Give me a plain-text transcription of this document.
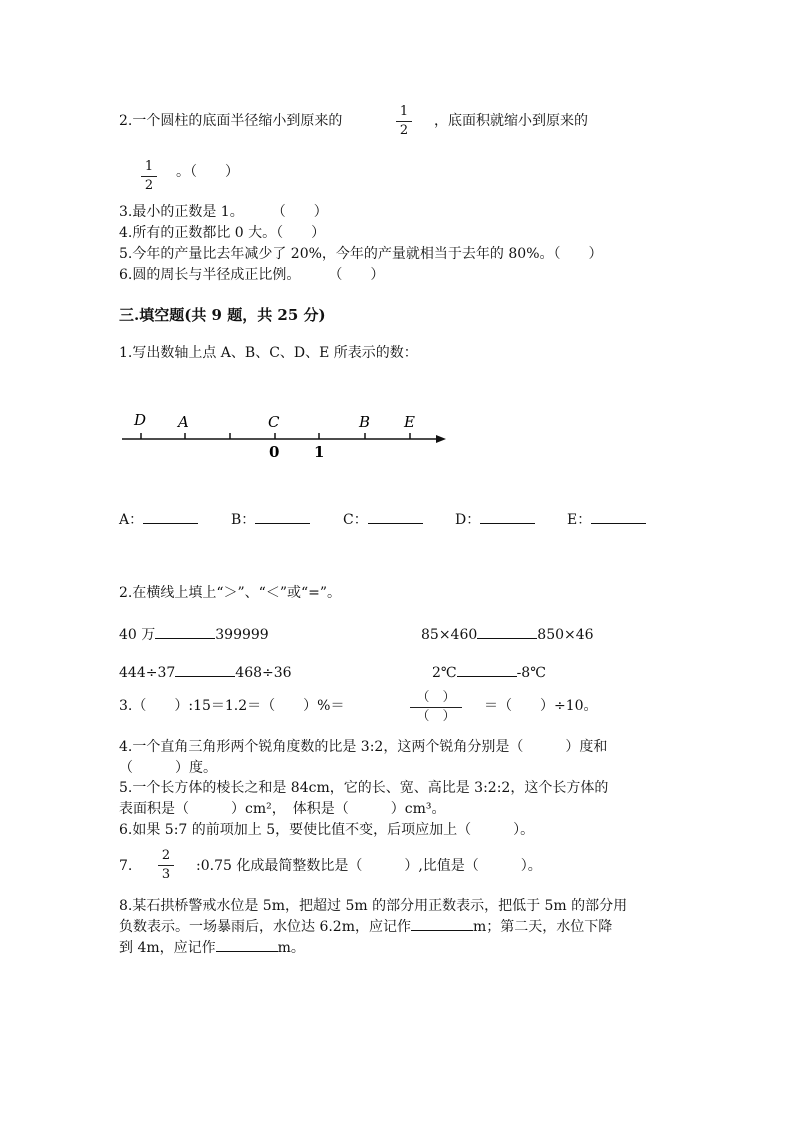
2.一个圆柱的底面半径缩小到原来的
1
2
，底面积就缩小到原来的
1
2
。（　　）
3.最小的正数是 1。　　　（　　）
4.所有的正数都比 0 大。（　　）
5.今年的产量比去年减少了 20%，今年的产量就相当于去年的 80%。（　　）
6.圆的周长与半径成正比例。　　　（　　）
三.填空题(共 9 题，共 25 分)
1.写出数轴上点 A、B、C、D、E 所表示的数：
D A	C	B E
0 1
A：	B：	C：	D：	E：
2.在横线上填上“＞”、“＜”或“=”。
40 万	399999	85×460	850×46
444÷37	468÷36	2℃	-8℃
3.（　　）:15＝1.2＝（　　）%＝
（　）
（　）
＝（　　）÷10。
4.一个直角三角形两个锐角度数的比是 3:2，这两个锐角分别是（　　　）度和
（　　　）度。
5.一个长方体的棱长之和是 84cm，它的长、宽、高比是 3:2:2，这个长方体的
表面积是（　　　）cm²，　体积是（　　　）cm³。
6.如果 5:7 的前项加上 5，要使比值不变，后项应加上（　　　）。
7.
2
3
:0.75 化成最简整数比是（　　　）,比值是（　　　）。
8.某石拱桥警戒水位是 5m，把超过 5m 的部分用正数表示，把低于 5m 的部分用
负数表示。一场暴雨后，水位达 6.2m，应记作	m；第二天，水位下降
到 4m，应记作	m。
